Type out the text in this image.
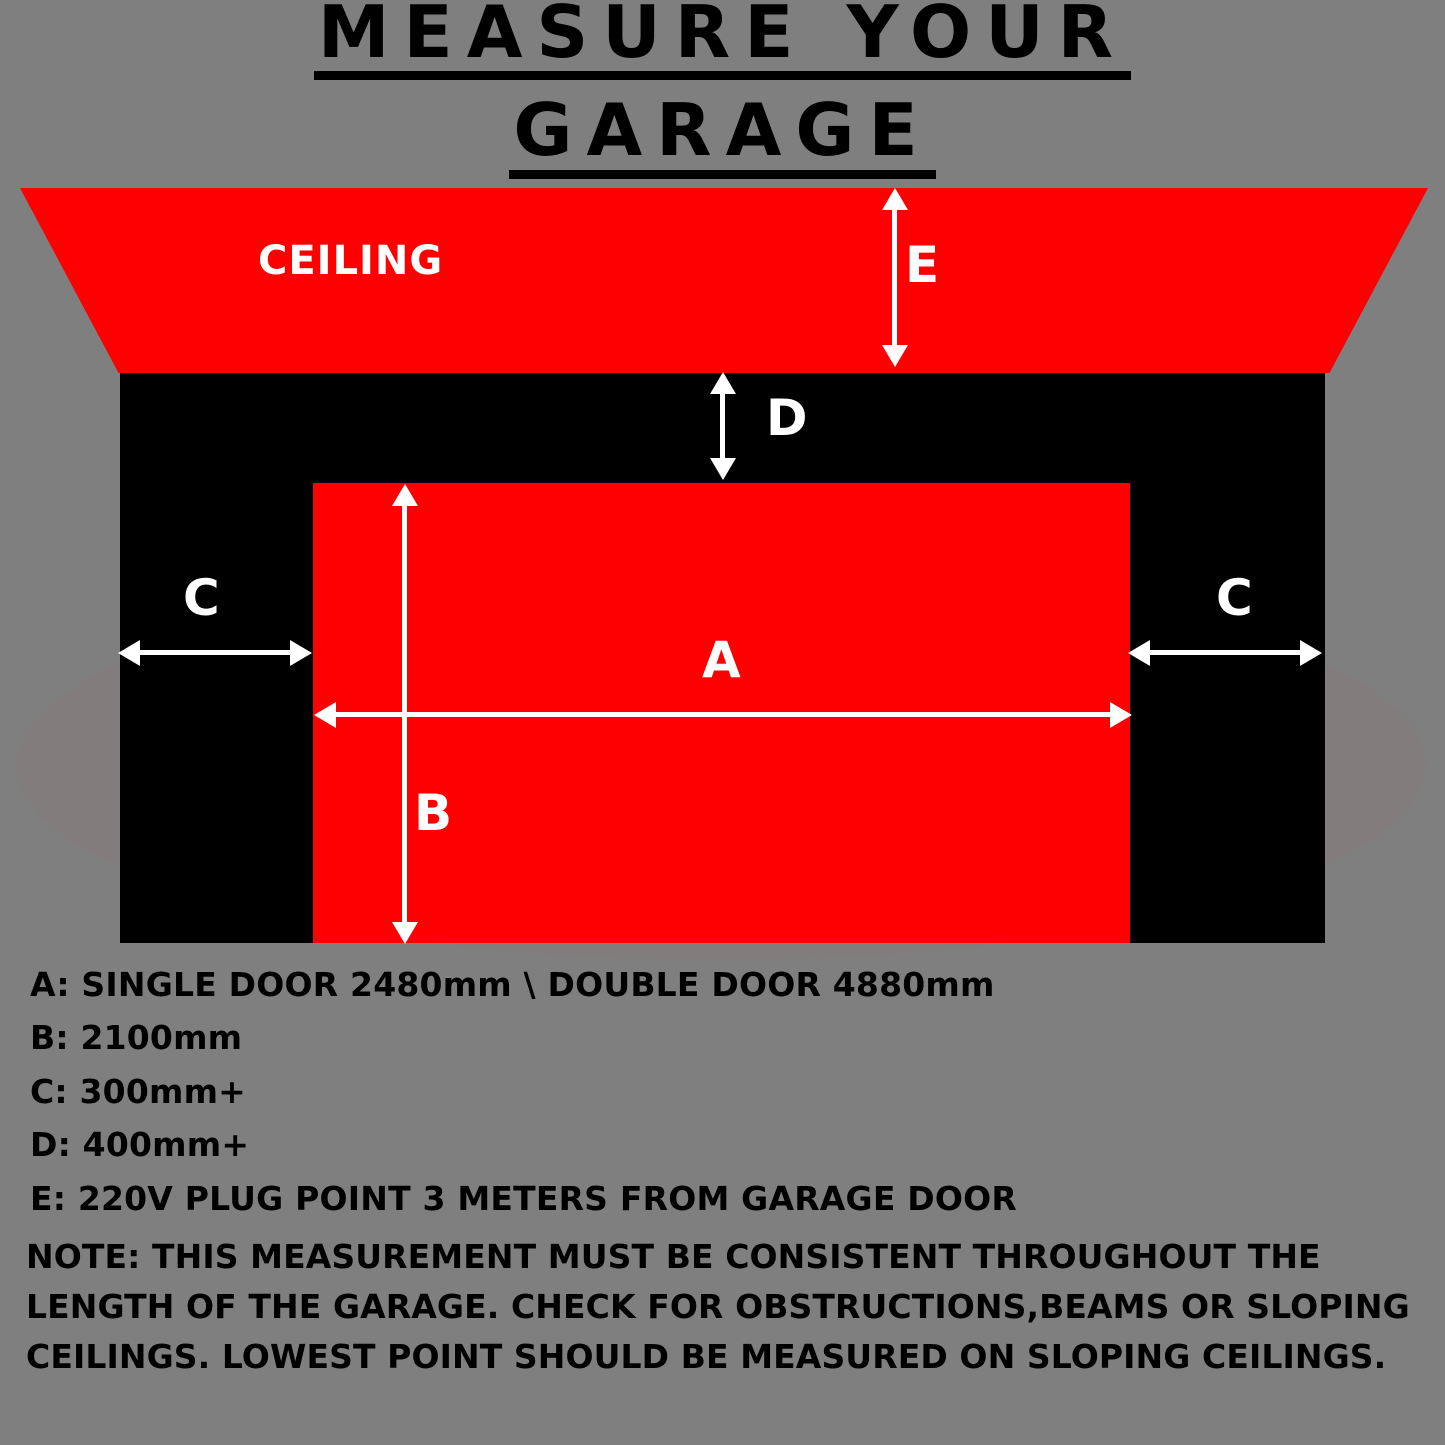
MEASURE YOUR
GARAGE
CEILING	E
D
C	C
A
B
A: SINGLE DOOR 2480mm \ DOUBLE DOOR 4880mm
B: 2100mm
C: 300mm+
D: 400mm+
E: 220V PLUG POINT 3 METERS FROM GARAGE DOOR
NOTE: THIS MEASUREMENT MUST BE CONSISTENT THROUGHOUT THE LENGTH OF THE GARAGE. CHECK FOR OBSTRUCTIONS,BEAMS OR SLOPING CEILINGS. LOWEST POINT SHOULD BE MEASURED ON SLOPING CEILINGS.
